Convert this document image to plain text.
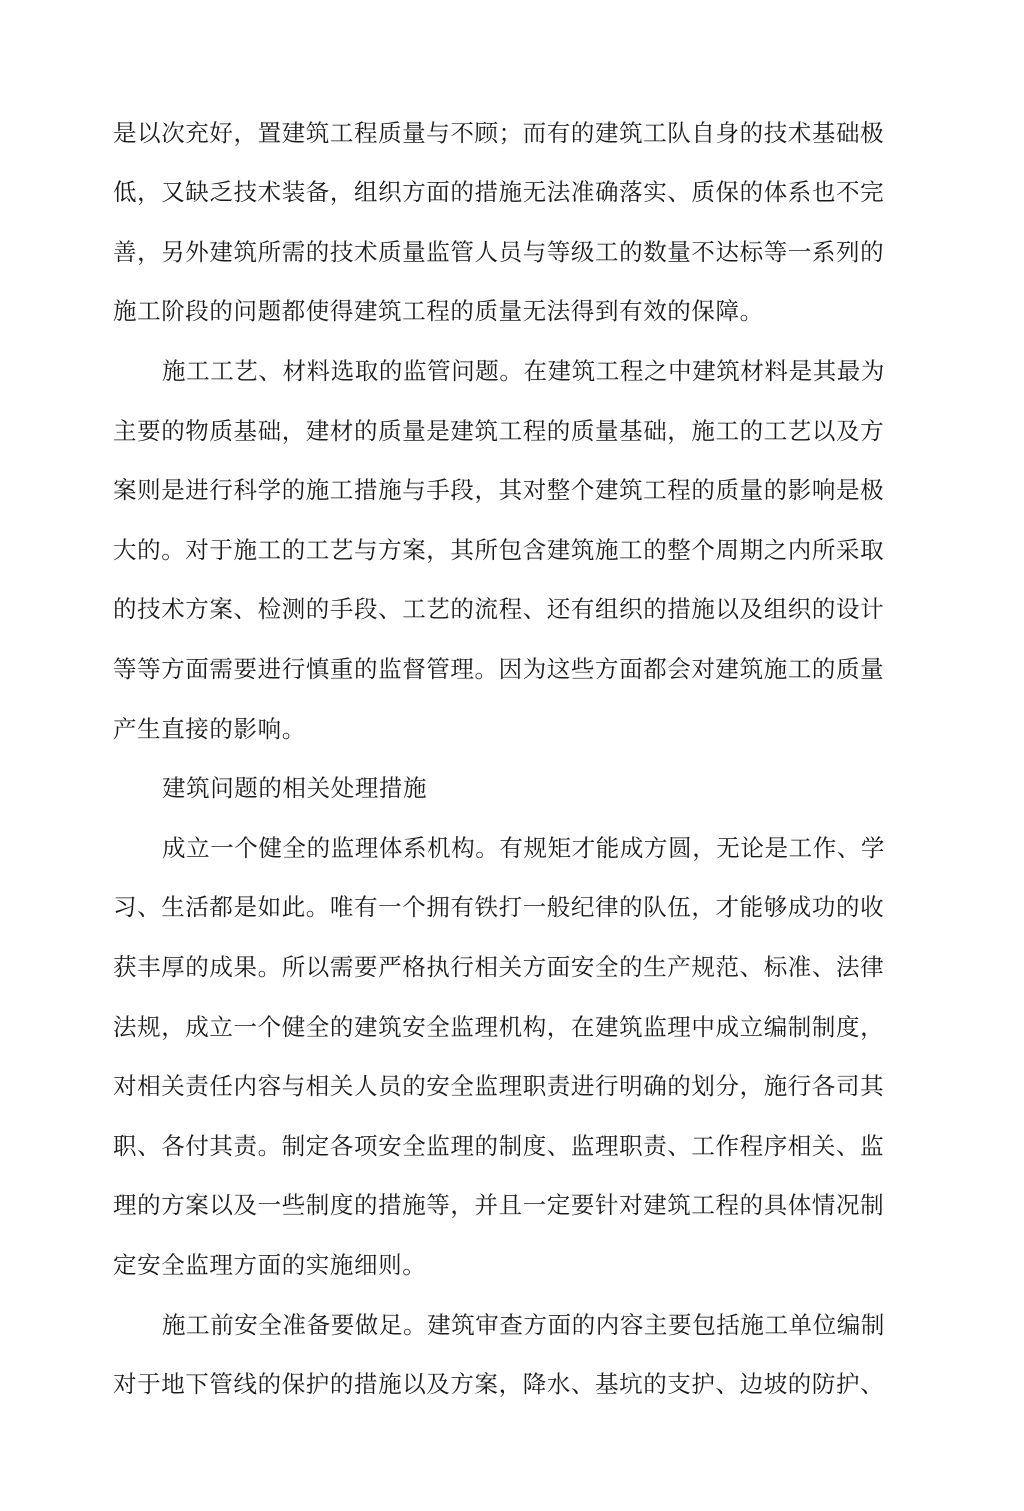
是以次充好，置建筑工程质量与不顾；而有的建筑工队自身的技术基础极
低，又缺乏技术装备，组织方面的措施无法准确落实、质保的体系也不完
善，另外建筑所需的技术质量监管人员与等级工的数量不达标等一系列的
施工阶段的问题都使得建筑工程的质量无法得到有效的保障。
施工工艺、材料选取的监管问题。在建筑工程之中建筑材料是其最为
主要的物质基础，建材的质量是建筑工程的质量基础，施工的工艺以及方
案则是进行科学的施工措施与手段，其对整个建筑工程的质量的影响是极
大的。对于施工的工艺与方案，其所包含建筑施工的整个周期之内所采取
的技术方案、检测的手段、工艺的流程、还有组织的措施以及组织的设计
等等方面需要进行慎重的监督管理。因为这些方面都会对建筑施工的质量
产生直接的影响。
建筑问题的相关处理措施
成立一个健全的监理体系机构。有规矩才能成方圆，无论是工作、学
习、生活都是如此。唯有一个拥有铁打一般纪律的队伍，才能够成功的收
获丰厚的成果。所以需要严格执行相关方面安全的生产规范、标准、法律
法规，成立一个健全的建筑安全监理机构，在建筑监理中成立编制制度，
对相关责任内容与相关人员的安全监理职责进行明确的划分，施行各司其
职、各付其责。制定各项安全监理的制度、监理职责、工作程序相关、监
理的方案以及一些制度的措施等，并且一定要针对建筑工程的具体情况制
定安全监理方面的实施细则。
施工前安全准备要做足。建筑审查方面的内容主要包括施工单位编制
对于地下管线的保护的措施以及方案，降水、基坑的支护、边坡的防护、
